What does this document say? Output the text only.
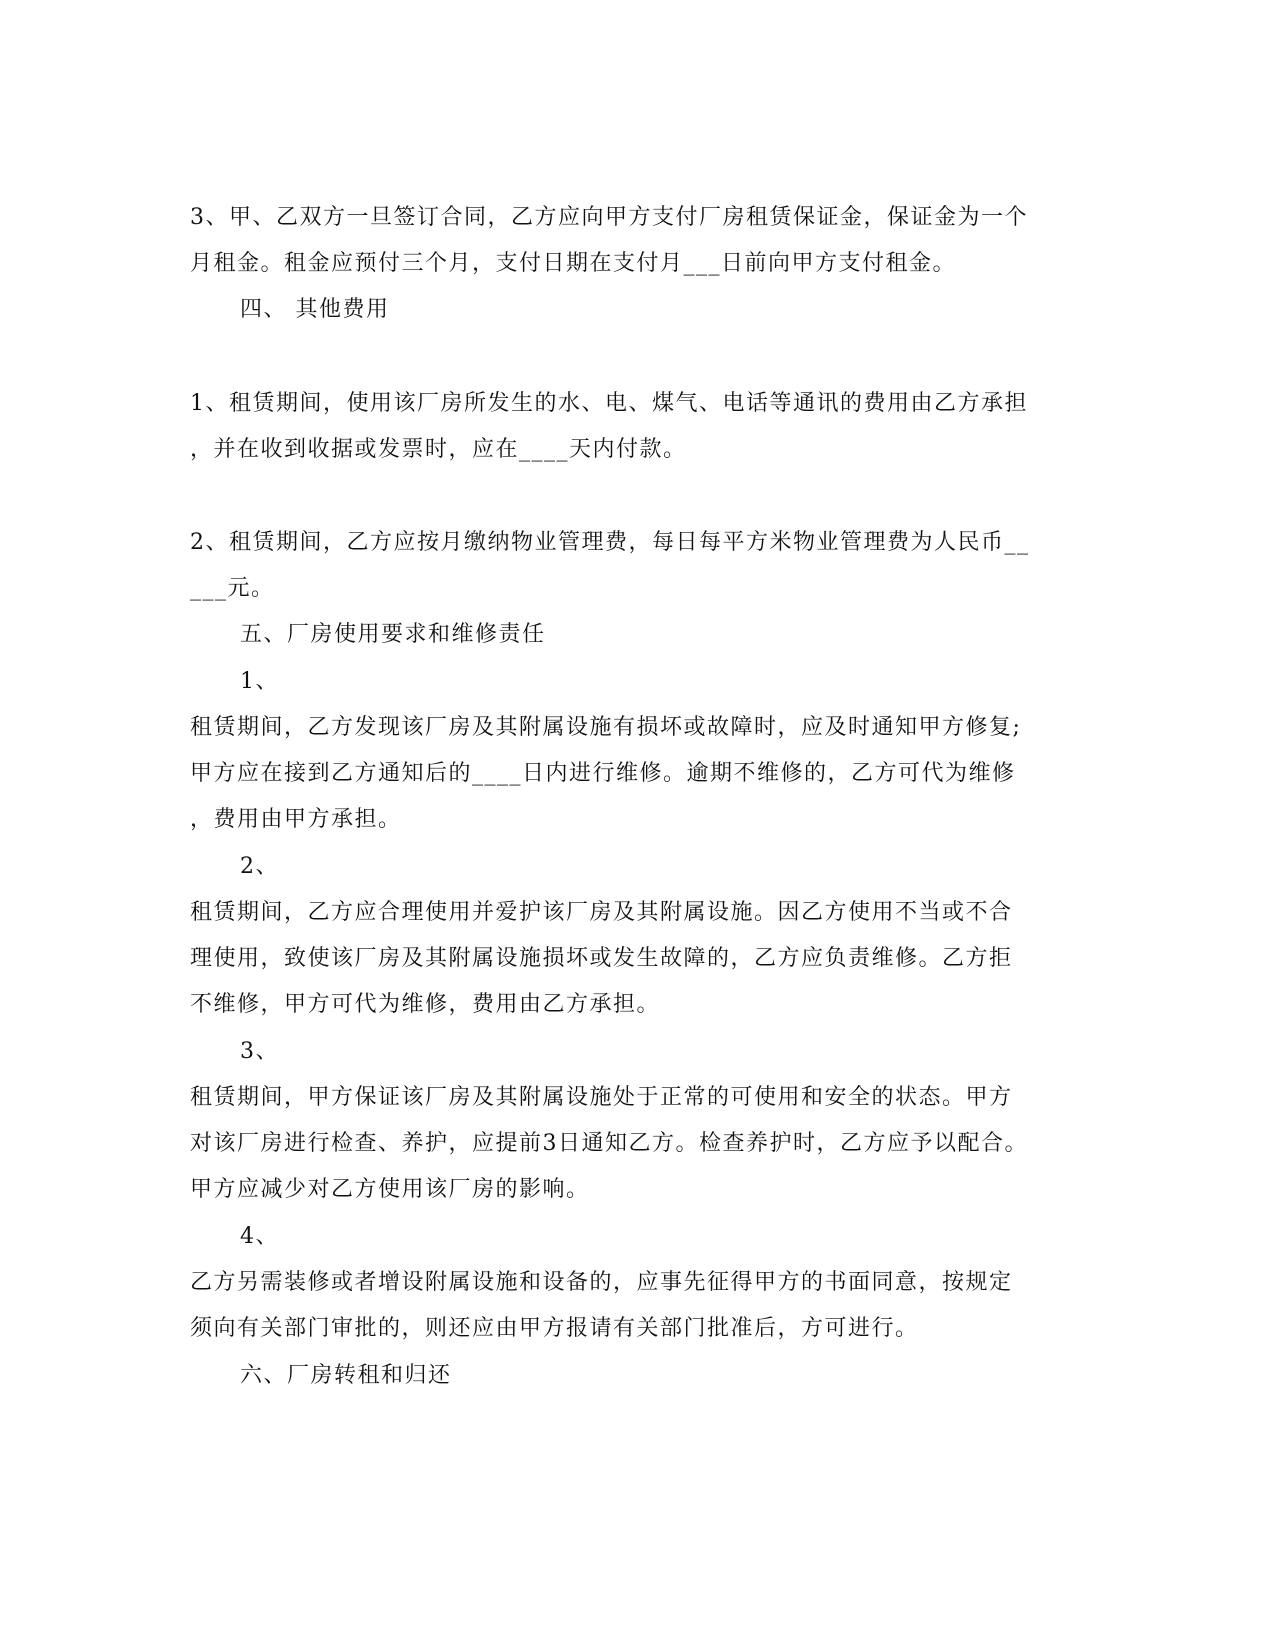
3、甲、乙双方一旦签订合同，乙方应向甲方支付厂房租赁保证金，保证金为一个
月租金。租金应预付三个月，支付日期在支付月___日前向甲方支付租金。
四、 其他费用
1、租赁期间，使用该厂房所发生的水、电、煤气、电话等通讯的费用由乙方承担
，并在收到收据或发票时，应在____天内付款。
2、租赁期间，乙方应按月缴纳物业管理费，每日每平方米物业管理费为人民币__
___元。
五、厂房使用要求和维修责任
1、
租赁期间，乙方发现该厂房及其附属设施有损坏或故障时，应及时通知甲方修复;
甲方应在接到乙方通知后的____日内进行维修。逾期不维修的，乙方可代为维修
，费用由甲方承担。
2、
租赁期间，乙方应合理使用并爱护该厂房及其附属设施。因乙方使用不当或不合
理使用，致使该厂房及其附属设施损坏或发生故障的，乙方应负责维修。乙方拒
不维修，甲方可代为维修，费用由乙方承担。
3、
租赁期间，甲方保证该厂房及其附属设施处于正常的可使用和安全的状态。甲方
对该厂房进行检查、养护，应提前3日通知乙方。检查养护时，乙方应予以配合。
甲方应减少对乙方使用该厂房的影响。
4、
乙方另需装修或者增设附属设施和设备的，应事先征得甲方的书面同意，按规定
须向有关部门审批的，则还应由甲方报请有关部门批准后，方可进行。
六、厂房转租和归还
